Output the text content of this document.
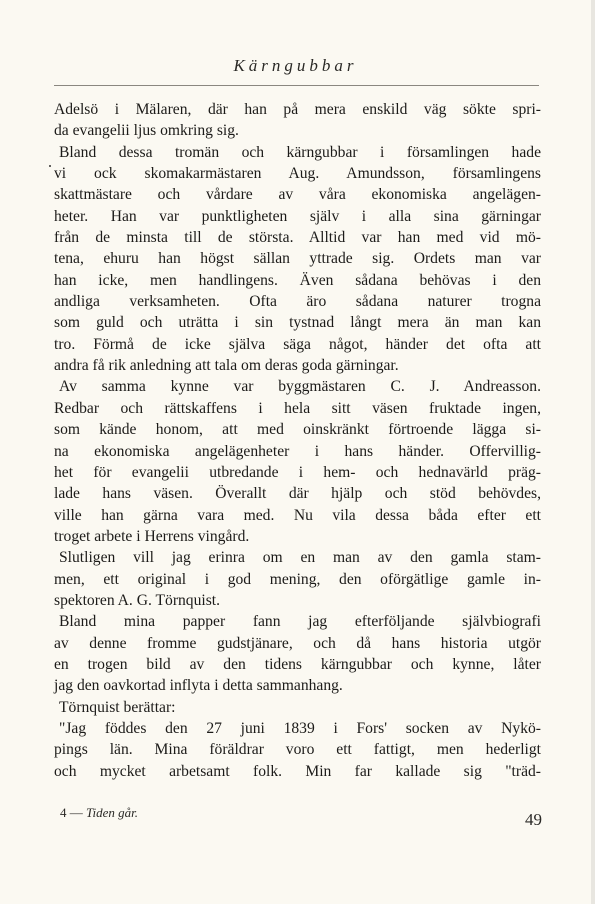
Kärngubbar
Adelsö i Mälaren, där han på mera enskild väg sökte spri-
da evangelii ljus omkring sig.
Bland dessa tromän och kärngubbar i församlingen hade
vi ock skomakarmästaren Aug. Amundsson, församlingens
skattmästare och vårdare av våra ekonomiska angelägen-
heter. Han var punktligheten själv i alla sina gärningar
från de minsta till de största. Alltid var han med vid mö-
tena, ehuru han högst sällan yttrade sig. Ordets man var
han icke, men handlingens. Även sådana behövas i den
andliga verksamheten. Ofta äro sådana naturer trogna
som guld och uträtta i sin tystnad långt mera än man kan
tro. Förmå de icke själva säga något, händer det ofta att
andra få rik anledning att tala om deras goda gärningar.
Av samma kynne var byggmästaren C. J. Andreasson.
Redbar och rättskaffens i hela sitt väsen fruktade ingen,
som kände honom, att med oinskränkt förtroende lägga si-
na ekonomiska angelägenheter i hans händer. Offervillig-
het för evangelii utbredande i hem- och hednavärld präg-
lade hans väsen. Överallt där hjälp och stöd behövdes,
ville han gärna vara med. Nu vila dessa båda efter ett
troget arbete i Herrens vingård.
Slutligen vill jag erinra om en man av den gamla stam-
men, ett original i god mening, den oförgätlige gamle in-
spektoren A. G. Törnquist.
Bland mina papper fann jag efterföljande självbiografi
av denne fromme gudstjänare, och då hans historia utgör
en trogen bild av den tidens kärngubbar och kynne, låter
jag den oavkortad inflyta i detta sammanhang.
Törnquist berättar:
"Jag föddes den 27 juni 1839 i Fors' socken av Nykö-
pings län. Mina föräldrar voro ett fattigt, men hederligt
och mycket arbetsamt folk. Min far kallade sig "träd-
4 — Tiden går.	49
